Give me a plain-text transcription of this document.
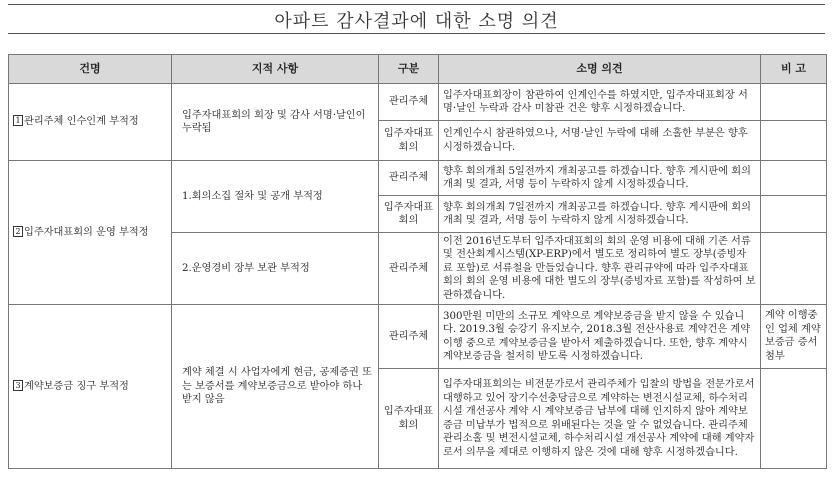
아파트 감사결과에 대한 소명 의견
건명	지적 사항	구분	소명 의견	비 고
1 관리주체 인수인계 부적정	입주자대표회의 회장 및 감사 서명·날인이 누락됨	관리주체	입주자대표회장이 참관하여 인계인수를 하였지만, 입주자대표회장 서명·날인 누락과 감사 미참관 건은 향후 시정하겠습니다.	
		입주자대표회의	인계인수시 참관하였으나, 서명·날인 누락에 대해 소홀한 부분은 향후 시정하겠습니다.	
2 입주자대표회의 운영 부적정	1.회의소집 절차 및 공개 부적정	관리주체	향후 회의개최 5일전까지 개최공고를 하겠습니다. 향후 게시판에 회의 개최 및 결과, 서명 등이 누락하지 않게 시정하겠습니다.	
		입주자대표회의	향후 회의개최 7일전까지 개최공고를 하겠습니다. 향후 게시판에 회의 개최 및 결과, 서명 등이 누락하지 않게 시정하겠습니다.	
	2.운영경비 장부 보관 부적정	관리주체	이전 2016년도부터 입주자대표회의 회의 운영 비용에 대해 기존 서류 및 전산회계시스템(XP-ERP)에서 별도로 정리하여 별도 장부(증빙자료 포함)로 서류철을 만들었습니다. 향후 관리규약에 따라 입주자대표회의 회의 운영 비용에 대한 별도의 장부(증빙자료 포함)를 작성하여 보관하겠습니다.	
3 계약보증금 징구 부적정	계약 체결 시 사업자에게 현금, 공제증권 또는 보증서를 계약보증금으로 받아야 하나 받지 않음	관리주체	300만원 미만의 소규모 계약으로 계약보증금을 받지 않을 수 있습니다. 2019.3월 승강기 유지보수, 2018.3월 전산사용료 계약건은 계약 이행 중으로 계약보증금을 받아서 제출하겠습니다. 또한, 향후 계약시 계약보증금을 철저히 받도록 시정하겠습니다.	계약 이행중인 업체 계약보증금 증서 첨부
		입주자대표회의	입주자대표회의는 비전문가로서 관리주체가 입찰의 방법을 전문가로서 대행하고 있어 장기수선충당금으로 계약하는 변전시설교체, 하수처리시설 개선공사 계약 시 계약보증금 납부에 대해 인지하지 않아 계약보증금 미납부가 법적으로 위배된다는 것을 알 수 없었습니다. 관리주체 관리소홀 및 변전시설교체, 하수처리시설 개선공사 계약에 대해 계약자로서 의무을 제대로 이행하지 않은 것에 대해 향후 시정하겠습니다.	
